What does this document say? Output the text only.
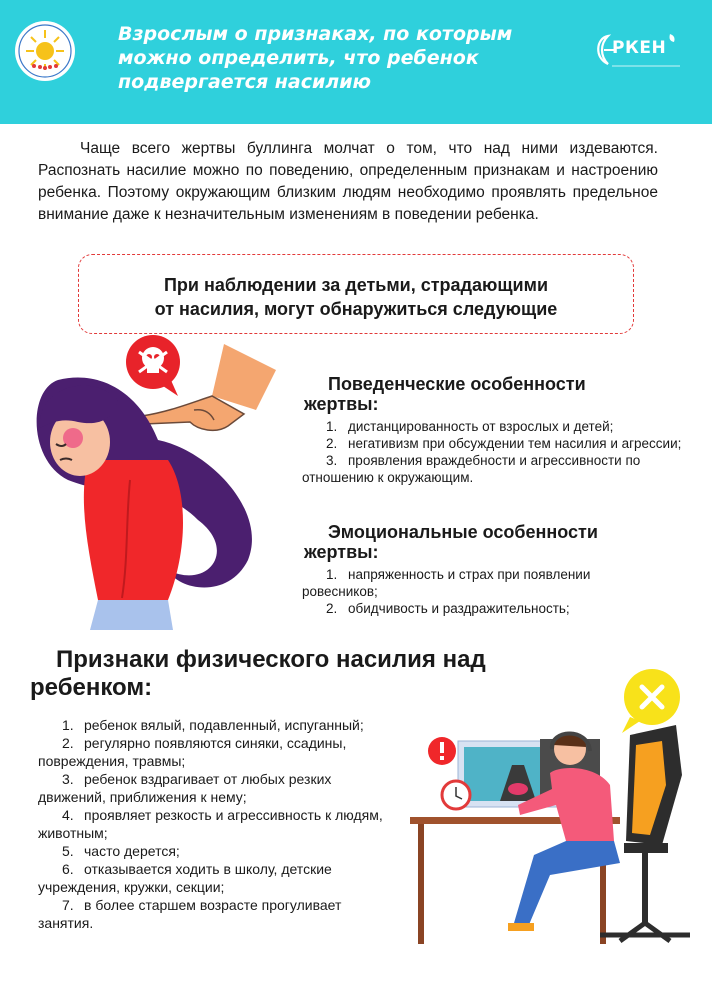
Взрослым о признаках, по которым можно определить, что ребенок подвергается насилию

РКЕН

Чаще всего жертвы буллинга молчат о том, что над ними издеваются. Распознать насилие можно по поведению, определенным признакам и настроению ребенка. Поэтому окружающим близким людям необходимо проявлять предельное внимание даже к незначительным изменениям в поведении ребенка.

При наблюдении за детьми, страдающими
от насилия, могут обнаружиться следующие

Поведенческие особенности
жертвы:
1. дистанцированность от взрослых и детей;
2. негативизм при обсуждении тем насилия и агрессии;
3. проявления враждебности и агрессивности по отношению к окружающим.
Эмоциональные особенности
жертвы:
1. напряженность и страх при появлении ровесников;
2. обидчивость и раздражительность;
Признаки физического насилия над ребенком:
1. ребенок вялый, подавленный, испуганный;
2. регулярно появляются синяки, ссадины, повреждения, травмы;
3. ребенок вздрагивает от любых резких движений, приближения к нему;
4. проявляет резкость и агрессивность к людям, животным;
5. часто дерется;
6. отказывается ходить в школу, детские учреждения, кружки, секции;
7. в более старшем возрасте прогуливает занятия.
